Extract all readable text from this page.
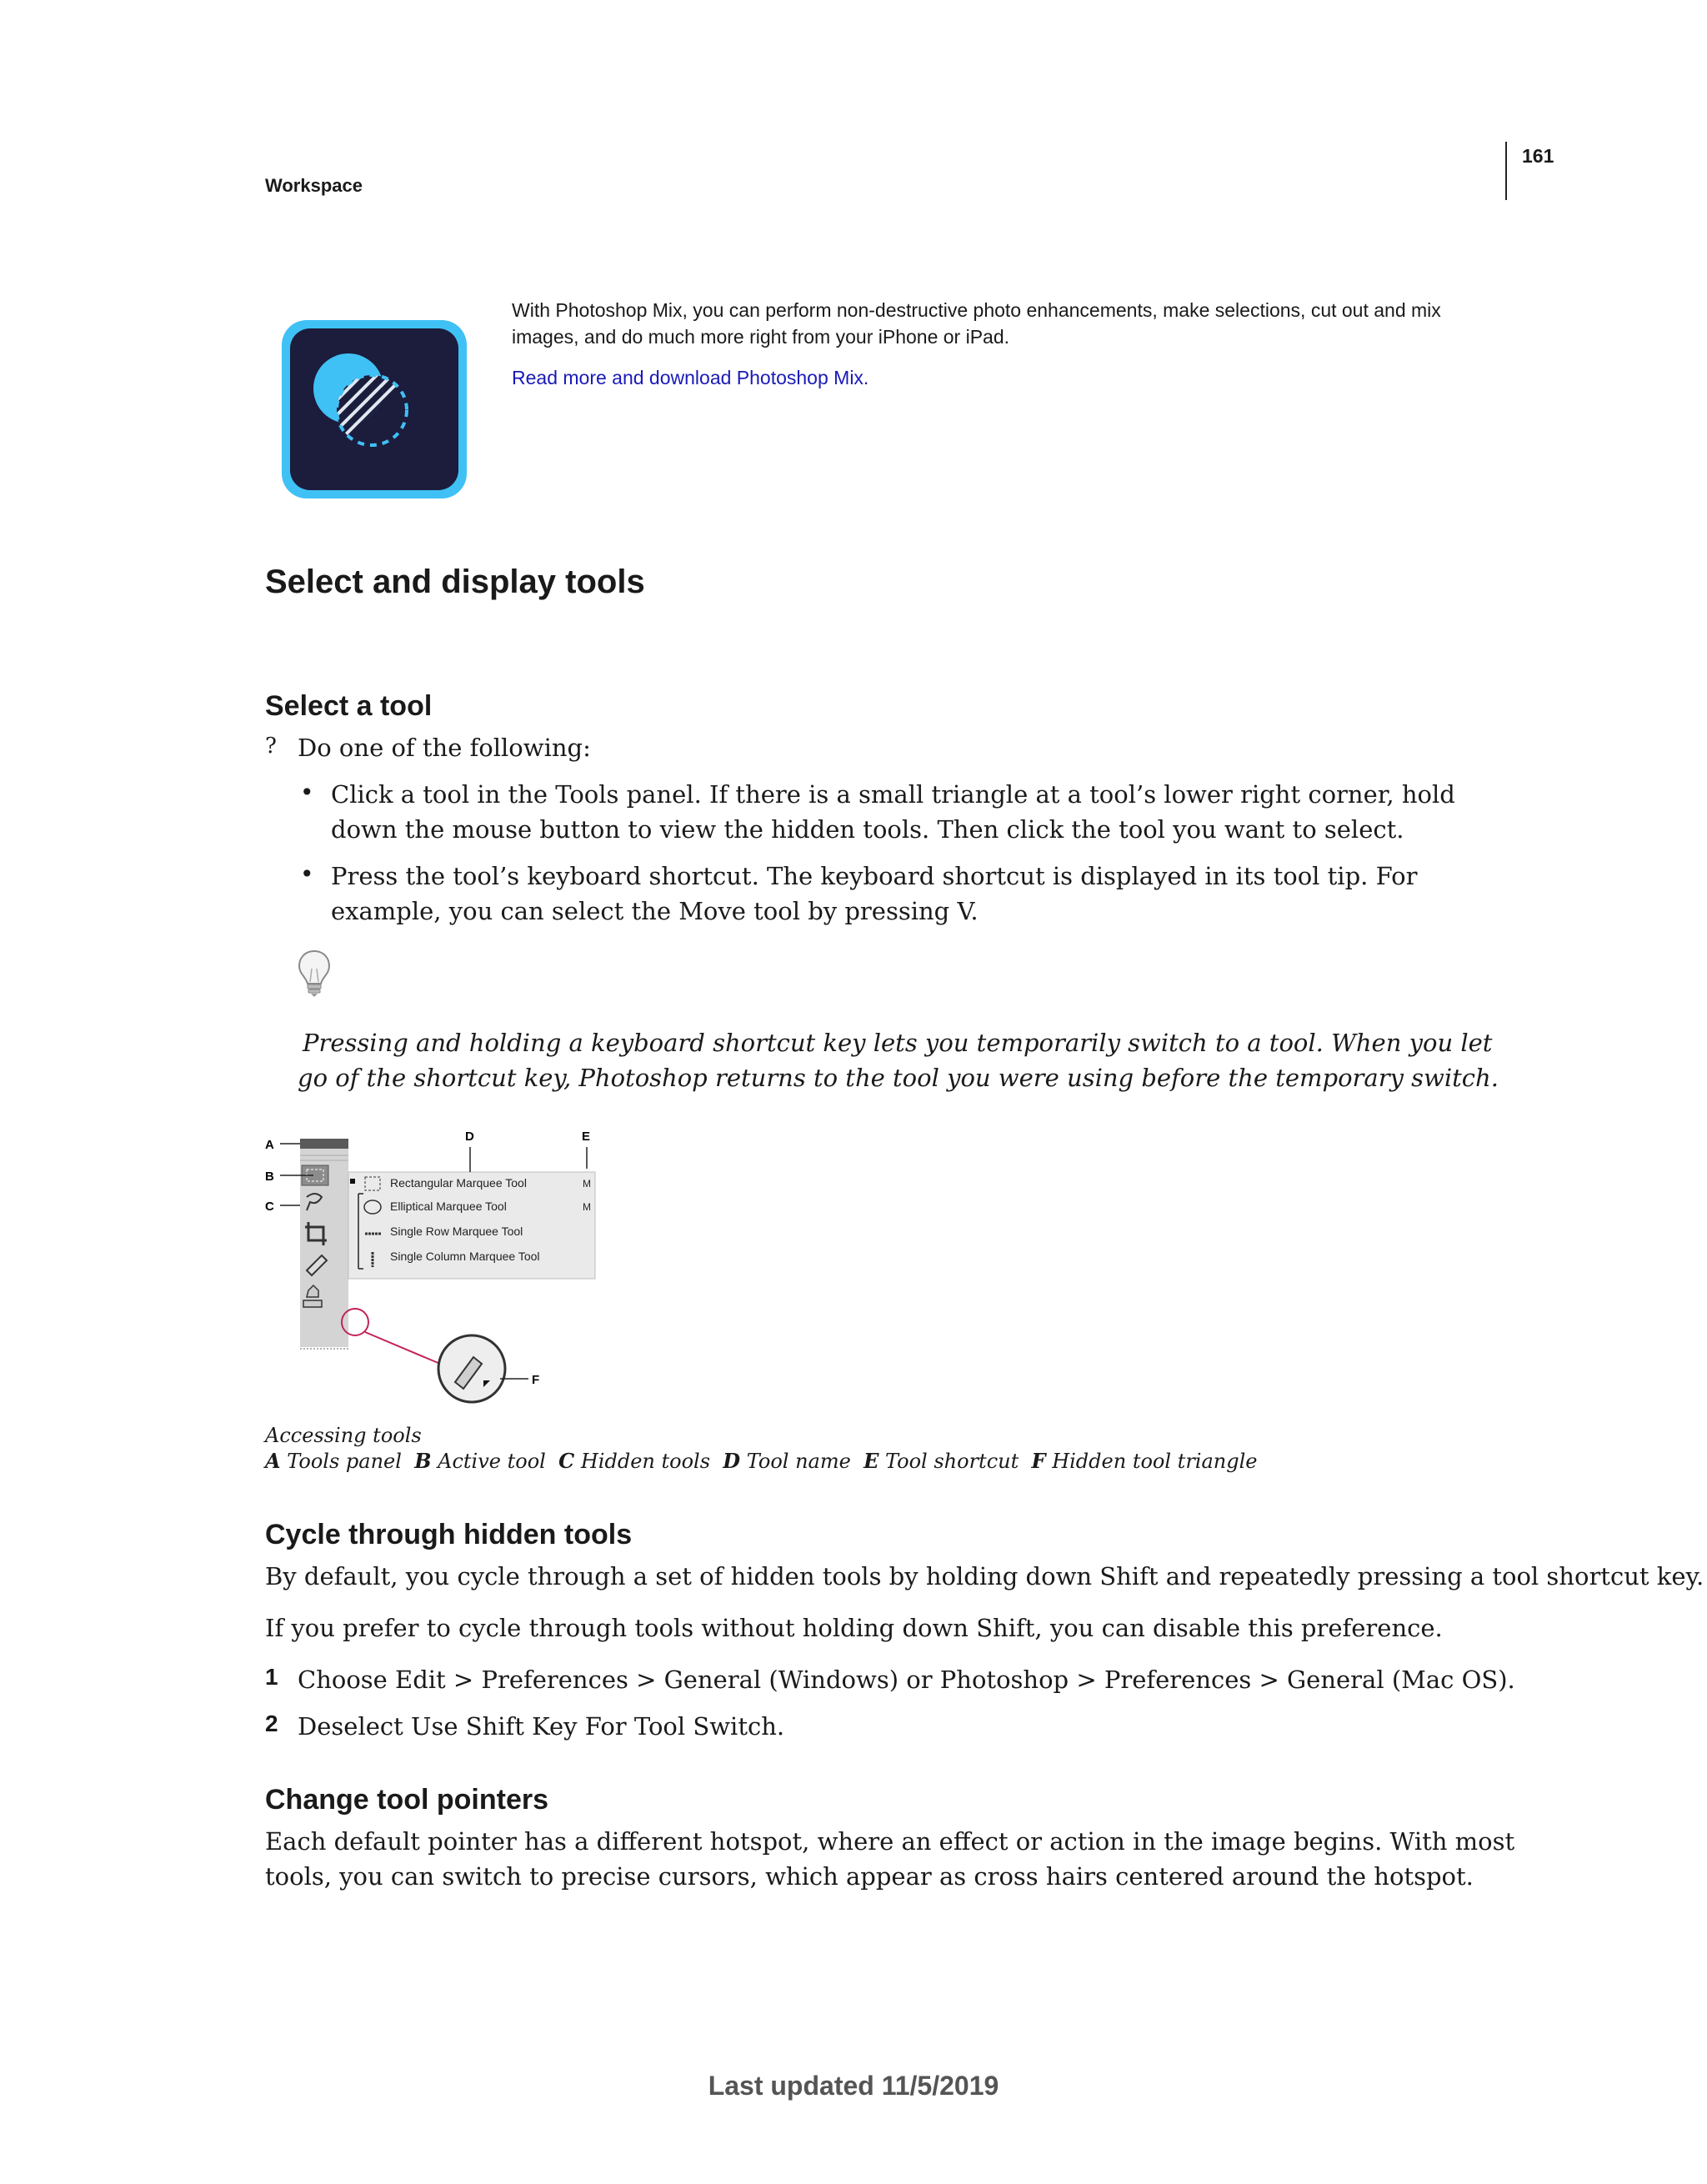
Workspace
161
With Photoshop Mix, you can perform non-destructive photo enhancements, make selections, cut out and mix images, and do much more right from your iPhone or iPad.
Read more and download Photoshop Mix.
Select and display tools
Select a tool
? Do one of the following:
• Click a tool in the Tools panel. If there is a small triangle at a tool’s lower right corner, hold down the mouse button to view the hidden tools. Then click the tool you want to select.
• Press the tool’s keyboard shortcut. The keyboard shortcut is displayed in its tool tip. For example, you can select the Move tool by pressing V.
Pressing and holding a keyboard shortcut key lets you temporarily switch to a tool. When you let go of the shortcut key, Photoshop returns to the tool you were using before the temporary switch.
Rectangular Marquee Tool
Elliptical Marquee Tool
Single Row Marquee Tool
Single Column Marquee Tool
M
M
A
B
C
D	E
F
Accessing tools
A Tools panel B Active tool C Hidden tools D Tool name E Tool shortcut F Hidden tool triangle
Cycle through hidden tools
By default, you cycle through a set of hidden tools by holding down Shift and repeatedly pressing a tool shortcut key.
If you prefer to cycle through tools without holding down Shift, you can disable this preference.
1 Choose Edit > Preferences > General (Windows) or Photoshop > Preferences > General (Mac OS).
2 Deselect Use Shift Key For Tool Switch.
Change tool pointers
Each default pointer has a different hotspot, where an effect or action in the image begins. With most tools, you can switch to precise cursors, which appear as cross hairs centered around the hotspot.
Last updated 11/5/2019
